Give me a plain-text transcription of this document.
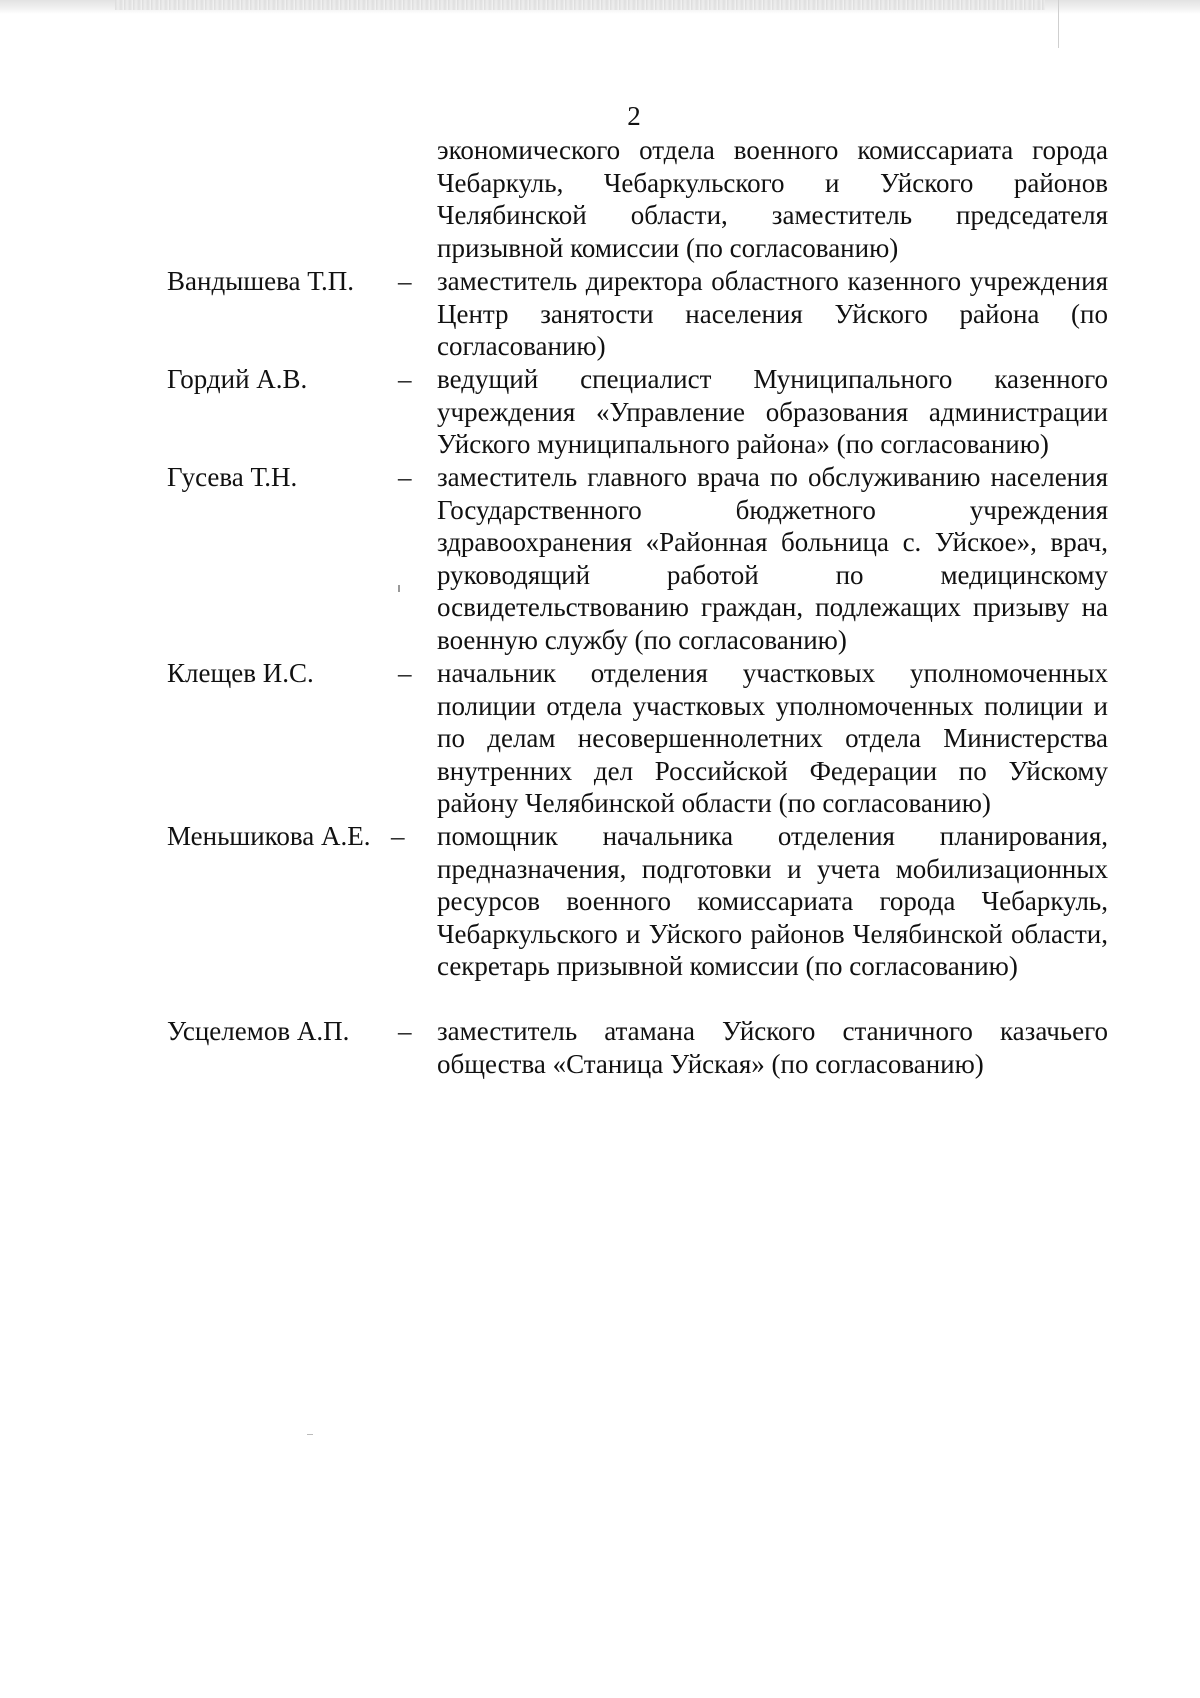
2
экономического отдела военного комиссариата города Чебаркуль, Чебаркульского и Уйского районов Челябинской области, заместитель председателя призывной комиссии (по согласованию)
Вандышева Т.П. – заместитель директора областного казенного учреждения Центр занятости населения Уйского района (по согласованию)
Гордий А.В.	– ведущий специалист Муниципального казенного учреждения «Управление образования администрации Уйского муниципального района» (по согласованию)
Гусева Т.Н.	– заместитель главного врача по обслуживанию населения Государственного бюджетного учреждения здравоохранения «Районная больница с. Уйское», врач, руководящий работой по медицинскому освидетельствованию граждан, подлежащих призыву на военную службу (по согласованию)
Клещев И.С.	– начальник отделения участковых уполномоченных полиции отдела участковых уполномоченных полиции и по делам несовершеннолетних отдела Министерства внутренних дел Российской Федерации по Уйскому району Челябинской области (по согласованию)
Меньшикова А.Е. – помощник начальника отделения планирования, предназначения, подготовки и учета мобилизационных ресурсов военного комиссариата города Чебаркуль, Чебаркульского и Уйского районов Челябинской области, секретарь призывной комиссии (по согласованию)
Усцелемов А.П. – заместитель атамана Уйского станичного казачьего общества «Станица Уйская» (по согласованию)
